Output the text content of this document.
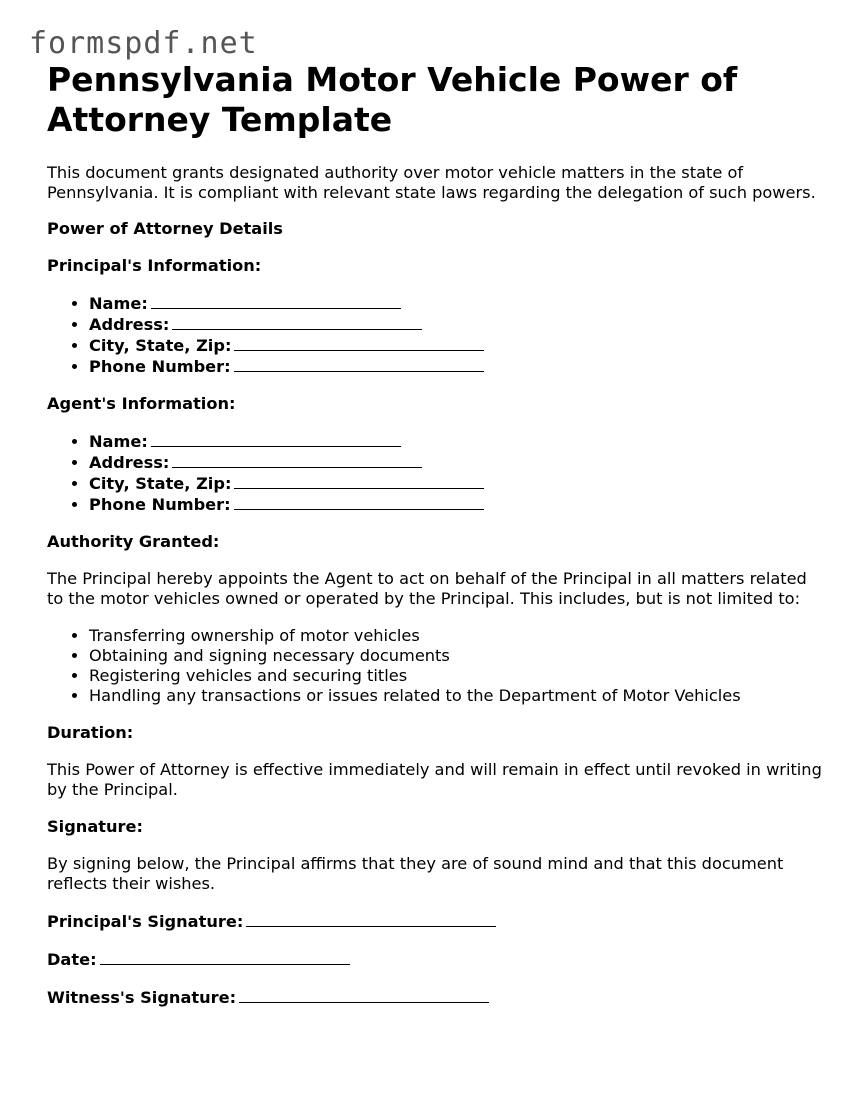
formspdf.net
Pennsylvania Motor Vehicle Power of Attorney Template

This document grants designated authority over motor vehicle matters in the state of Pennsylvania. It is compliant with relevant state laws regarding the delegation of such powers.

Power of Attorney Details

Principal's Information:

• Name:
• Address:
• City, State, Zip:
• Phone Number:

Agent's Information:

• Name:
• Address:
• City, State, Zip:
• Phone Number:

Authority Granted:

The Principal hereby appoints the Agent to act on behalf of the Principal in all matters related to the motor vehicles owned or operated by the Principal. This includes, but is not limited to:

• Transferring ownership of motor vehicles
• Obtaining and signing necessary documents
• Registering vehicles and securing titles
• Handling any transactions or issues related to the Department of Motor Vehicles

Duration:

This Power of Attorney is effective immediately and will remain in effect until revoked in writing by the Principal.

Signature:

By signing below, the Principal affirms that they are of sound mind and that this document reflects their wishes.

Principal's Signature:

Date:

Witness's Signature:
